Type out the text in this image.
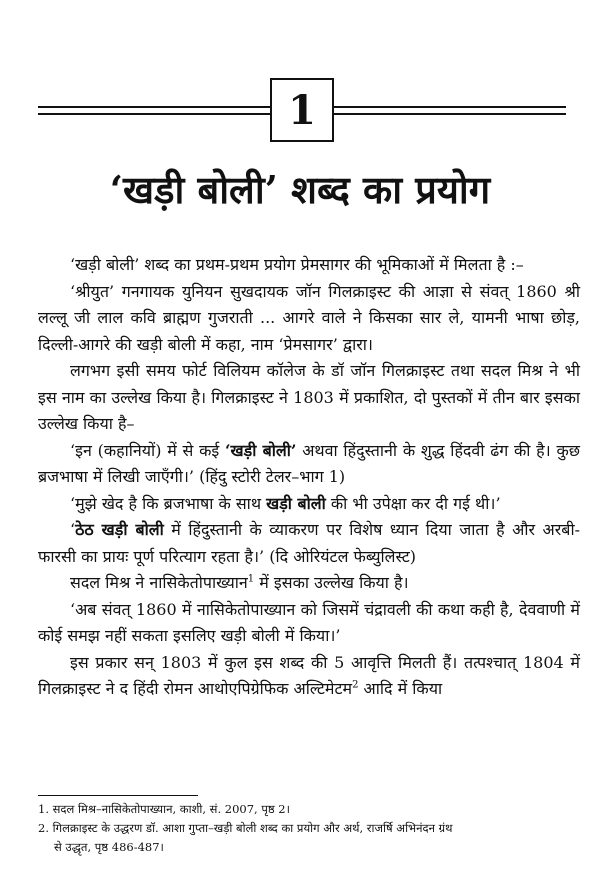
1
‘खड़ी बोली’ शब्द का प्रयोग

‘खड़ी बोली’ शब्द का प्रथम-प्रथम प्रयोग प्रेमसागर की भूमिकाओं में मिलता है :–

‘श्रीयुत’ गनगायक युनियन सुखदायक जॉन गिलक्राइस्ट की आज्ञा से संवत् 1860 श्री लल्लू जी लाल कवि ब्राह्मण गुजराती ... आगरे वाले ने किसका सार ले, यामनी भाषा छोड़, दिल्ली-आगरे की खड़ी बोली में कहा, नाम ‘प्रेमसागर’ द्वारा।

लगभग इसी समय फोर्ट विलियम कॉलेज के डॉ जॉन गिलक्राइस्ट तथा सदल मिश्र ने भी इस नाम का उल्लेख किया है। गिलक्राइस्ट ने 1803 में प्रकाशित, दो पुस्तकों में तीन बार इसका उल्लेख किया है–

‘इन (कहानियों) में से कई ‘खड़ी बोली’ अथवा हिंदुस्तानी के शुद्ध हिंदवी ढंग की है। कुछ ब्रजभाषा में लिखी जाएँगी।’ (हिंदु स्टोरी टेलर–भाग 1)

‘मुझे खेद है कि ब्रजभाषा के साथ खड़ी बोली की भी उपेक्षा कर दी गई थी।’

‘ठेठ खड़ी बोली में हिंदुस्तानी के व्याकरण पर विशेष ध्यान दिया जाता है और अरबी-फारसी का प्रायः पूर्ण परित्याग रहता है।’ (दि ओरियंटल फेब्युलिस्ट)

सदल मिश्र ने नासिकेतोपाख्यान$^1$ में इसका उल्लेख किया है।

‘अब संवत् 1860 में नासिकेतोपाख्यान को जिसमें चंद्रावली की कथा कही है, देववाणी में कोई समझ नहीं सकता इसलिए खड़ी बोली में किया।’

इस प्रकार सन् 1803 में कुल इस शब्द की 5 आवृत्ति मिलती हैं। तत्पश्चात् 1804 में गिलक्राइस्ट ने द हिंदी रोमन आथोएपिग्रेफिक अल्टिमेटम$^2$ आदि में किया

1. सदल मिश्र–नासिकेतोपाख्यान, काशी, सं. 2007, पृष्ठ 2।

2. गिलक्राइस्ट के उद्धरण डॉ. आशा गुप्ता–खड़ी बोली शब्द का प्रयोग और अर्थ, राजर्षि अभिनंदन ग्रंथ

से उद्धृत, पृष्ठ 486-487।
